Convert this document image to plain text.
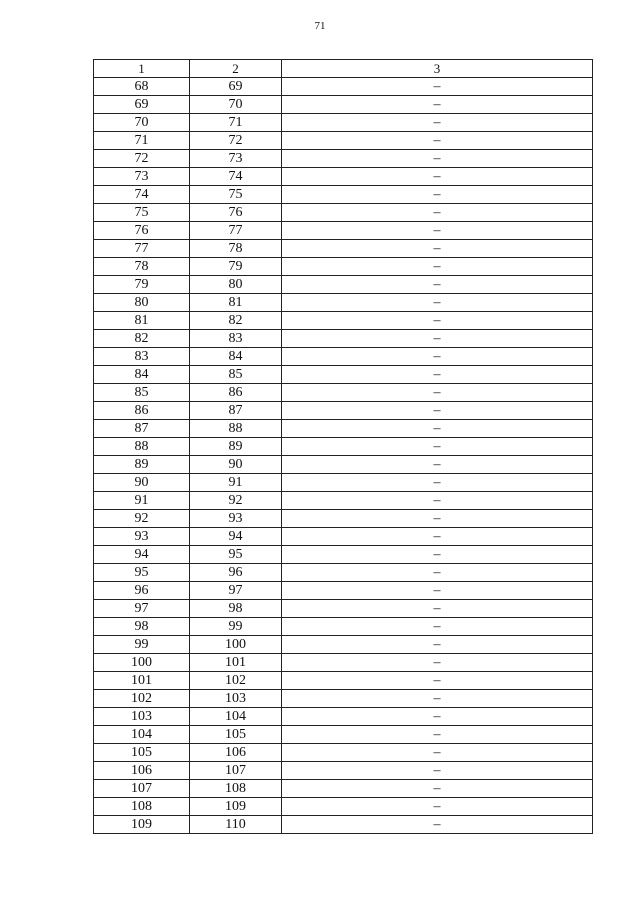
71
1	2	3
68	69	–
69	70	–
70	71	–
71	72	–
72	73	–
73	74	–
74	75	–
75	76	–
76	77	–
77	78	–
78	79	–
79	80	–
80	81	–
81	82	–
82	83	–
83	84	–
84	85	–
85	86	–
86	87	–
87	88	–
88	89	–
89	90	–
90	91	–
91	92	–
92	93	–
93	94	–
94	95	–
95	96	–
96	97	–
97	98	–
98	99	–
99	100	–
100	101	–
101	102	–
102	103	–
103	104	–
104	105	–
105	106	–
106	107	–
107	108	–
108	109	–
109	110	–
